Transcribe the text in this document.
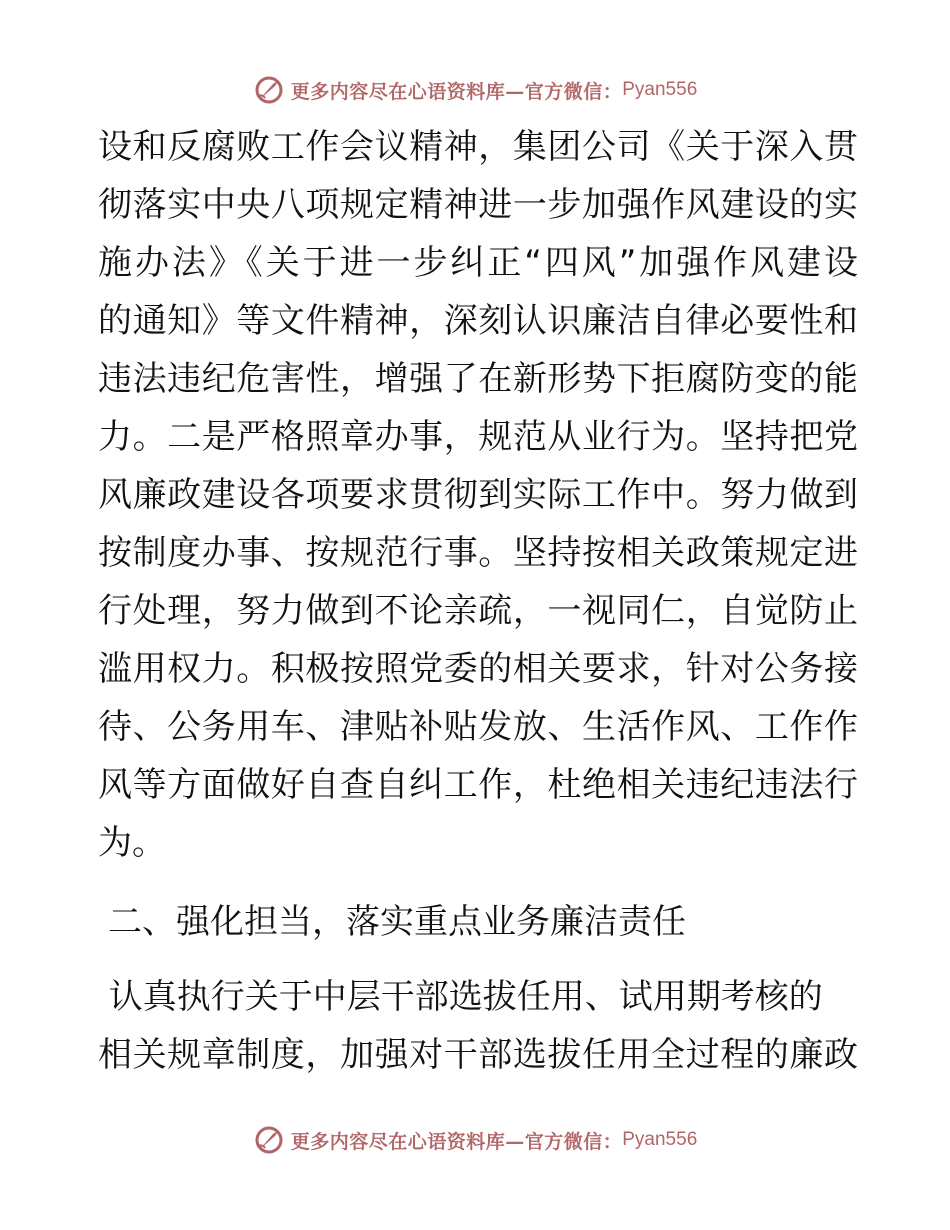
更多内容尽在心语资料库—官方微信： Pyan556
设和反腐败工作会议精神，集团公司《关于深入贯
彻落实中央八项规定精神进一步加强作风建设的实
施办法》《关于进一步纠正“四风”加强作风建设
的通知》等文件精神，深刻认识廉洁自律必要性和
违法违纪危害性，增强了在新形势下拒腐防变的能
力。二是严格照章办事，规范从业行为。坚持把党
风廉政建设各项要求贯彻到实际工作中。努力做到
按制度办事、按规范行事。坚持按相关政策规定进
行处理，努力做到不论亲疏，一视同仁，自觉防止
滥用权力。积极按照党委的相关要求，针对公务接
待、公务用车、津贴补贴发放、生活作风、工作作
风等方面做好自查自纠工作，杜绝相关违纪违法行
为。
二、强化担当，落实重点业务廉洁责任
认真执行关于中层干部选拔任用、试用期考核的
相关规章制度，加强对干部选拔任用全过程的廉政
更多内容尽在心语资料库—官方微信： Pyan556
